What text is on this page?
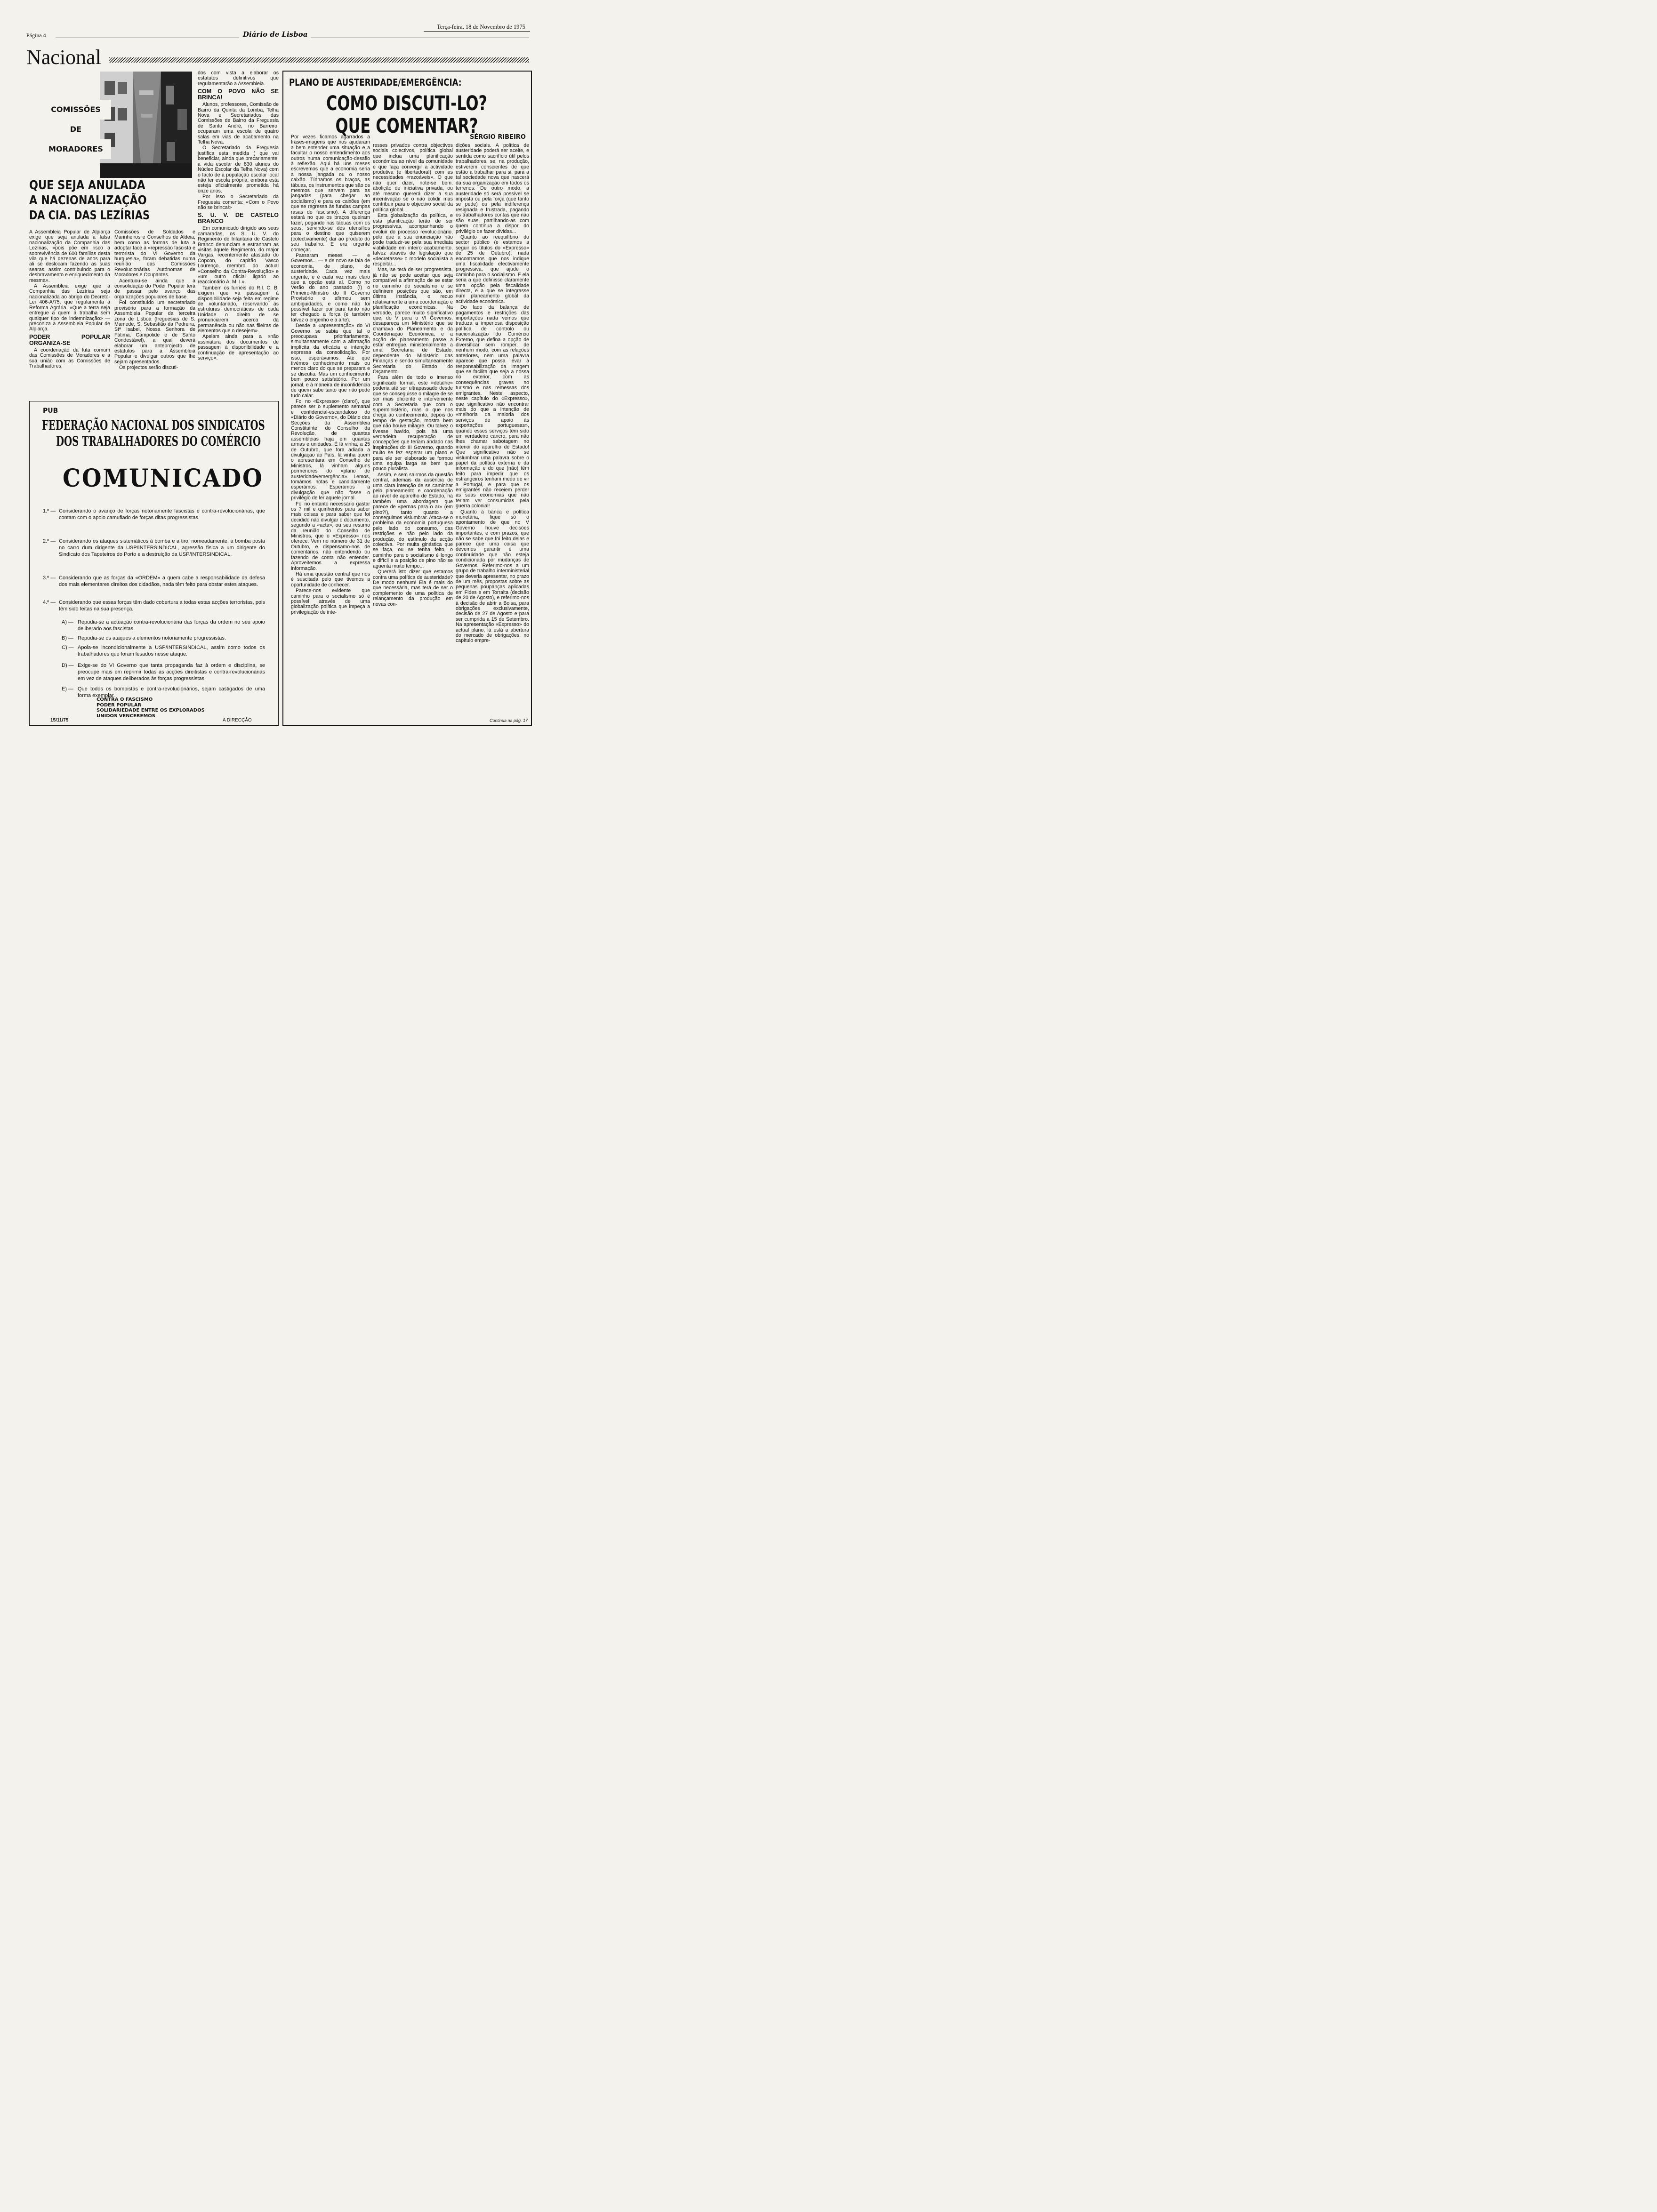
Página 4	Diário de Lisboa
Terça-feira, 18 de Novembro de 1975
Nacional
COMISSÕES
DE
MORADORES
QUE SEJA ANULADA
A NACIONALIZAÇÃO
DA CIA. DAS LEZÍRIAS

A Assembleia Popular de Alpiarça exige que seja anulada a falsa nacionalização da Companhia das Lezírias, «pois põe em risco a sobrevivência de 600 famílias desta vila que há dezenas de anos para ali se deslocam fazendo as suas searas, assim contribuindo para o desbravamento e enriquecimento da mesma».

A Assembleia exige que a Companhia das Lezírias seja nacionalizada ao abrigo do Decreto-Lei 406-A/75, que regulamenta a Reforma Agrária. «Que a terra seja entregue a quem a trabalha sem qualquer tipo de indemnização» — preconiza a Assembleia Popular de Alpiarça.

PODER POPULAR ORGANIZA-SE

A coordenação da luta comum das Comissões de Moradores e a sua união com as Comissões de Trabalhadores,

Comissões de Soldados e Marinheiros e Conselhos de Aldeia, bem como as formas de luta a adoptar face à «repressão fascista e terrorista do VI Governo da burguesia», foram debatidas numa reunião das Comissões Revolucionárias Autónomas de Moradores e Ocupantes.

Acentuou-se ainda que a consolidação do Poder Popular terá de passar pelo avanço das organizações populares de base.

Foi constituído um secretariado provisório para a formação da Assembleia Popular da terceira zona de Lisboa (freguesias de S. Mamede, S. Sebastião da Pedreira, Stª Isabel, Nossa Senhora de Fátima, Campolide e de Santo Condestável), a qual deverá elaborar um anteprojecto de estatutos para a Assembleia Popular e divulgar outros que lhe sejam apresentados.

Os projectos serão discuti-

dos com vista a elaborar os estatutos definitivos que regulamentarão a Assembleia.

COM O POVO NÃO SE BRINCA!

Alunos, professores, Comissão de Bairro da Quinta da Lomba, Telha Nova e Secretariados das Comissões de Bairro da Freguesia de Santo André, no Barreiro, ocuparam uma escola de quatro salas em vias de acabamento na Telha Nova.

O Secretariado da Freguesia justifica esta medida ( que vai beneficiar, ainda que precariamente, a vida escolar de 830 alunos do Núcleo Escolar da Telha Nova) com o facto de a população escolar local não ter escola própria, embora esta esteja oficialmente prometida há onze anos.

Por isso o Secretariado da Freguesia comenta: «Com o Povo não se brinca!»

S. U. V. DE CASTELO BRANCO

Em comunicado dirigido aos seus camaradas, os S. U. V. do Regimento de Infantaria de Castelo Branco denunciam e estranham as visitas àquele Regimento, do major Vargas, recentemente afastado do Copcon, do capitão Vasco Lourenço, membro do actual «Conselho da Contra-Revolução» e «um outro oficial ligado ao reaccionário A. M. I.».

Também os furriéis do R.I. C. B. exigem que «a passagem à disponibilidade seja feita em regime de voluntariado, reservando às estruturas democráticas de cada Unidade o direito de se pronunciarem acerca da permanência ou não nas fileiras de elementos que o desejem».

Apelam ainda para a «não assinatura dos documentos de passagem à disponibilidade e a continuação de apresentação ao serviço».

PLANO DE AUSTERIDADE/EMERGÊNCIA:
COMO DISCUTI-LO?
QUE COMENTAR?
SÉRGIO RIBEIRO

Por vezes ficamos agarrados a frases-imagens que nos ajudaram a bem entender uma situação e a facultar o nosso entendimento aos outros numa comunicação-desafio à reflexão. Aqui há uns meses escrevemos que a economia seria a nossa jangada ou o nosso caixão. Tínhamos os braços, as tábuas, os instrumentos que são os mesmos que servem para as jangadas (para chegar ao socialismo) e para os caixões (em que se regressa às fundas campas rasas do fascismo). A diferença estará no que os braços queiram fazer, pegando nas tábuas com os seus, servindo-se dos utensílios para o destino que quiserem (colectivamente) dar ao produto do seu trabalho. E era urgente começar.

Passaram meses — e Governos... — e de novo se fala de economia, de plano, de austeridade. Cada vez mais urgente, e é cada vez mais claro que a opção está aí. Como no Verão do ano passado (!) o Primeiro-Ministro do II Governo Provisório o afirmou sem ambiguidades, e como não foi possível fazer por para tanto não ter chegado a força (e também talvez o engenho e a arte).

Desde a «apresentação» do VI Governo se sabia que tal o preocupava prioritariamente, simultaneamente com a afirmação implícita da eficácia e intenção expressa da consolidação. Por isso, esperávamos. Até que tivémos conhecimento mais ou menos claro do que se preparara e se discutia. Mas um conhecimento bem pouco satisfatório. Por um jornal, e à maneira de inconfidência de quem sabe tanto que não pode tudo calar.

Foi no «Expresso» (claro!), que parece ser o suplemento semanal e confidencial-escandaloso do «Diário do Governo», do Diário das Secções da Assembleia Constituinte, do Conselho da Revolução, de quantas assembleias haja em quantas armas e unidades. É lá vinha, a 25 de Outubro, que fora adiada a divulgação ao País, lá vinha quem o apresentara em Conselho de Ministros, lá vinham alguns pormenores do «plano de austeridade/emergência». Lemos, tomámos notas e candidamente esperámos. Esperámos a divulgação que não fosse o privilégio de ler aquele jornal.

Foi no entanto necessário gastar os 7 mil e quinhentos para saber mais coisas e para saber que foi decidido não divulgar o documento, segundo a «acta», ou seu resumo da reunião do Conselho de Ministros, que o «Expresso» nos oferece. Vem no número de 31 de Outubro, e dispensamo-nos de comentários, não entendendo ou fazendo de conta não entender. Aproveitemos a expressa informação.

Há uma questão central que nos é suscitada pelo que tivemos a oportunidade de conhecer.

Parece-nos evidente que caminho para o socialismo só é possível através de uma globalização política que impeça a privilegiação de inte-

resses privados contra objectivos sociais colectivos, política global que inclua uma planificação económica ao nível da comunidade e que faça convergir a actividade produtiva (e libertadora!) com as necessidades «razoáveis». O que não quer dizer, note-se bem, abolição de iniciativa privada, ou até mesmo quererá dizer a sua incentivação se o não colidir mas contribuir para o objectivo social da política global.

Esta globalização da política, e esta planificação terão de ser progressivas, acompanhando o evoluir do processo revolucionário, pelo que a sua enunciação não pode traduzir-se pela sua imediata viabilidade em inteiro acabamento, talvez através de legislação que «decretasse» o modelo socialista a respeitar...

Mas, se terá de ser progressista, já não se pode aceitar que seja compatível a afirmação de se estar no caminho do socialismo e se definirem posições que são, em última instância, o recuo relativamente a uma coordenação e planificação económicas. Na verdade, parece muito significativo que, do V para o VI Governos, desapareça um Ministério que se chamava do Planeamento e da Coordenação Económica, e a acção de planeamento passe a estar entregue, ministerialmente, a uma Secretaria de Estado, dependente do Ministério das Finanças e sendo simultaneamente Secretaria do Estado do Orçamento.

Para além de todo o imenso significado formal, este «detalhe» poderia até ser ultrapassado desde que se conseguisse o milagre de se ser mais eficiente e interveniente com a Secretaria que com o superministério, mas o que nos chega ao conhecimento, depois do tempo de gestação, mostra bem que não houve milagre. Ou talvez o tivesse havido, pois há uma verdadeira recuperação de concepções que teriam andado nas inspirações do III Governo, quando muito se fez esperar um plano e para ele ser elaborado se formou uma equipa larga se bem que pouco pluralista.

Assim, e sem sairmos da questão central, ademais da ausência de uma clara intenção de se caminhar pelo planeamento e coordenação ao nível de aparelho de Estado, há também uma abordagem que parece de «pernas para o ar» (em pino?!), tanto quanto a conseguimos vislumbrar. Ataca-se o problema da economia portuguesa pelo lado do consumo, das restrições e não pelo lado da produção, do estímulo da acção colectiva. Por muita ginástica que se faça, ou se tenha feito, o caminho para o socialismo é longo e difícil e a posição de pino não se aguenta muito tempo...

Quererá isto dizer que estamos contra uma política de austeridade? De modo nenhum! Ela é mais do que necessária, mas terá de ser o complemento de uma política de relançamento da produção em novas con-

dições sociais. A política de austeridade poderá ser aceite, e sentida como sacrifício útil pelos trabalhadores, se, na produção, estiverem conscientes de que estão a trabalhar para si, para a tal sociedade nova que nascerá da sua organização em todos os terrenos. De outro modo, a austeridade só será possível se imposta ou pela força (que tanto se pede) ou pela indiferença resignada e frustrada, pagando os trabalhadores contas que não são suas, partilhando-as com quem continua a dispor do privilégio de fazer dívidas...

Quanto ao reequilíbrio do sector público (e estamos a seguir os títulos do «Expresso» de 25 de Outubro), nada encontramos que nos indique uma fiscalidade efectivamente progressiva, que ajude o caminho para o socialismo. E ela seria a que definisse claramente uma opção pela fiscalidade directa, e a que se integrasse num planeamento global da actividade económica.

Do lado da balança de pagamentos e restrições das importações nada vemos que traduza a imperiosa disposição política de controlo ou nacionalização do Comércio Externo, que defina a opção de diversificar sem romper, de nenhum modo, com as relações anteriores, nem uma palavra aparece que possa levar à responsabilização da imagem que se facilita que seja a nossa no exterior, com as consequências graves no turismo e nas remessas dos emigrantes. Neste aspecto, neste capítulo do «Expresso», que significativo não encontrar mais do que a intenção de «melhoria da maioria dos serviços de apoio às exportações portuguesas», quando esses serviços têm sido um verdadeiro cancro, para não lhes chamar sabotagem no interior do aparelho de Estado! Que significativo não se vislumbrar uma palavra sobre o papel da política externa e da informação e do que (não) têm feito para impedir que os estrangeiros tenham medo de vir a Portugal, e para que os emigrantes não receiem perder as suas economias que não teriam ver consumidas pela guerra colonial!

Quanto à banca e política monetária, fique só o apontamento de que no V Governo houve decisões importantes, e com prazos, que não se sabe que foi feito delas e parece que uma coisa que devemos garantir é uma continuidade que não esteja condicionada por mudanças de Governos. Referimo-nos a um grupo de trabalho interministerial que deveria apresentar, no prazo de um mês, propostas sobre as pequenas poupanças aplicadas em Fides e em Torralta (decisão de 20 de Agosto), e referimo-nos à decisão de abrir a Bolsa, para obrigações exclusivamente, decisão de 27 de Agosto e para ser cumprida a 15 de Setembro. Na apresentação «Expresso» do actual plano, lá está a abertura do mercado de obrigações, no capítulo empre-

Continua na pág. 17
PUB
FEDERAÇÃO NACIONAL DOS SINDICATOS
DOS TRABALHADORES DO COMÉRCIO
COMUNICADO
1.º — Considerando o avanço de forças notoriamente fascistas e contra-revolucionárias, que contam com o apoio camuflado de forças ditas progressistas.
2.º — Considerando os ataques sistemáticos à bomba e a tiro, nomeadamente, a bomba posta no carro dum dirigente da USP/INTERSINDICAL, agressão física a um dirigente do Sindicato dos Tapeteiros do Porto e a destruição da USP/INTERSINDICAL.
3.º — Considerando que as forças da «ORDEM» a quem cabe a responsabilidade da defesa dos mais elementares direitos dos cidadãos, nada têm feito para obstar estes ataques.
4.º — Considerando que essas forças têm dado cobertura a todas estas acções terroristas, pois têm sido feitas na sua presença.
A) — Repudia-se a actuação contra-revolucionária das forças da ordem no seu apoio deliberado aos fascistas.
B) — Repudia-se os ataques a elementos notoriamente progressistas.
C) — Apoia-se incondicionalmente a USP/INTERSINDICAL, assim como todos os trabalhadores que foram lesados nesse ataque.
D) — Exige-se do VI Governo que tanta propaganda faz à ordem e disciplina, se preocupe mais em reprimir todas as acções direitistas e contra-revolucionárias em vez de ataques deliberados às forças progressistas.
E) — Que todos os bombistas e contra-revolucionários, sejam castigados de uma forma exemplar.
CONTRA O FASCISMO
PODER POPULAR
SOLIDARIEDADE ENTRE OS EXPLORADOS
UNIDOS VENCEREMOS
15/11/75	A DIRECÇÃO
